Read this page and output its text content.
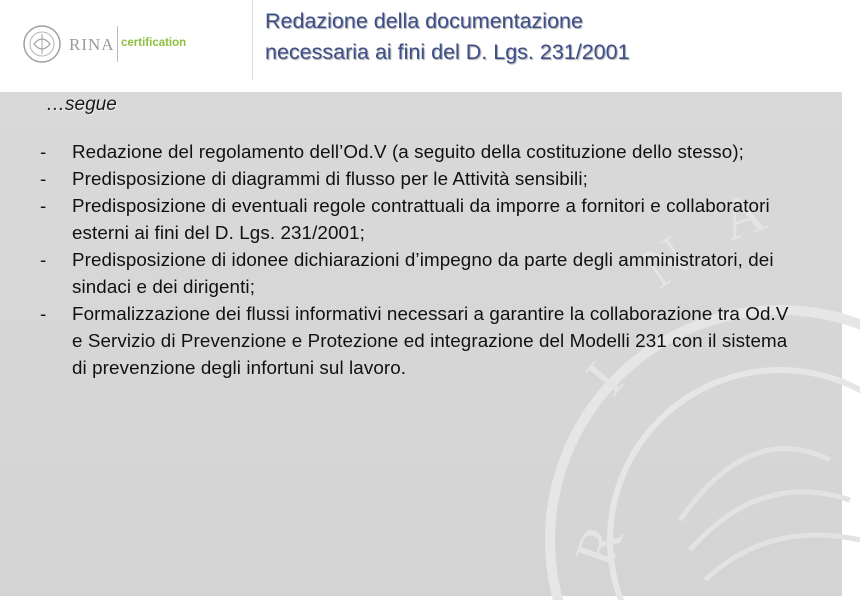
RINA certification
Redazione della documentazione
necessaria ai fini del D. Lgs. 231/2001
R
I
N
A
…segue
-	Redazione del regolamento dell’Od.V (a seguito della costituzione dello stesso);
-	Predisposizione di diagrammi di flusso per le Attività sensibili;
-	Predisposizione di eventuali regole contrattuali da imporre a fornitori e collaboratori esterni ai fini del D. Lgs. 231/2001;
-	Predisposizione di idonee dichiarazioni d’impegno da parte degli amministratori, dei sindaci e dei dirigenti;
-	Formalizzazione dei flussi informativi necessari a garantire la collaborazione tra Od.V e Servizio di Prevenzione e Protezione ed integrazione del Modelli 231 con il sistema di prevenzione degli infortuni sul lavoro.
